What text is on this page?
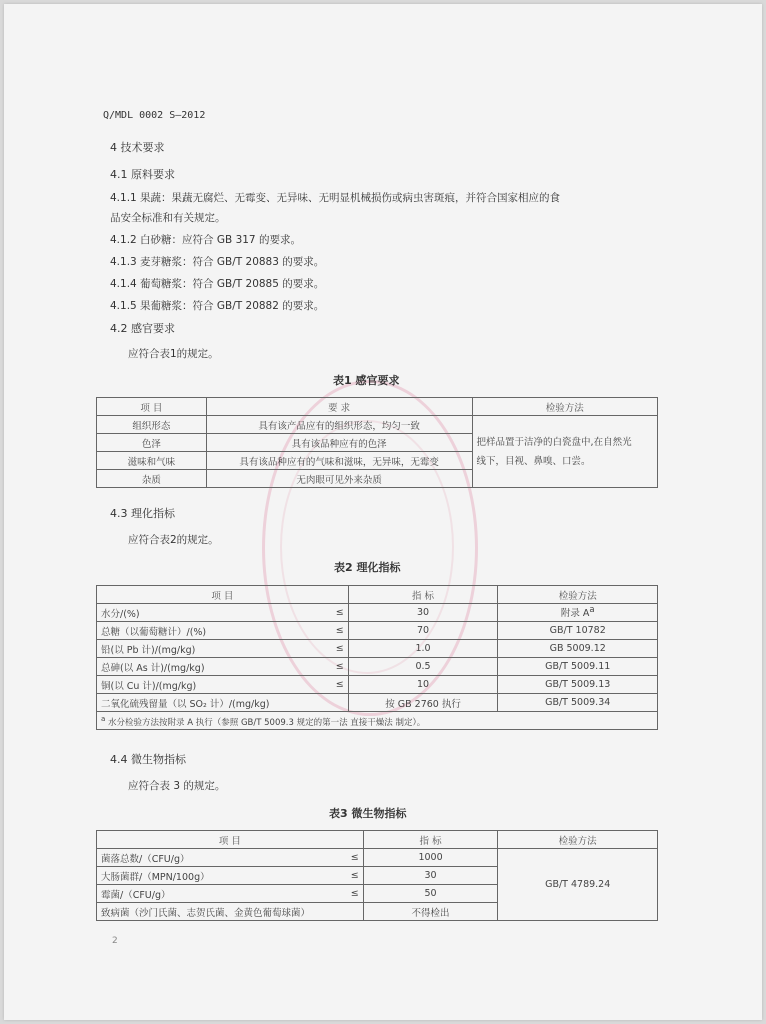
Q/MDL 0002 S—2012
4 技术要求
4.1 原料要求
4.1.1 果蔬：果蔬无腐烂、无霉变、无异味、无明显机械损伤或病虫害斑痕，并符合国家相应的食
品安全标准和有关规定。
4.1.2 白砂糖：应符合 GB 317 的要求。
4.1.3 麦芽糖浆：符合 GB/T 20883 的要求。
4.1.4 葡萄糖浆：符合 GB/T 20885 的要求。
4.1.5 果葡糖浆：符合 GB/T 20882 的要求。
4.2 感官要求
应符合表1的规定。
表1 感官要求
项 目	要 求	检验方法
组织形态	具有该产品应有的组织形态，均匀一致	把样品置于洁净的白瓷盘中,在自然光
线下，目视、鼻嗅、口尝。

色泽	具有该品种应有的色泽	
滋味和气味	具有该品种应有的气味和滋味，无异味，无霉变	
杂质	无肉眼可见外来杂质	
4.3 理化指标
应符合表2的规定。
表2 理化指标
项 目		指 标	检验方法
水分/(%)	≤	30	附录 $A^a$
总糖（以葡萄糖计）/(%)	≤	70	GB/T 10782
铅(以 Pb 计)/(mg/kg)	≤	1.0	GB 5009.12
总砷(以 As 计)/(mg/kg)	≤	0.5	GB/T 5009.11
铜(以 Cu 计)/(mg/kg)	≤	10	GB/T 5009.13
二氧化硫残留量（以 SO₂ 计）/(mg/kg)		按 GB 2760 执行	GB/T 5009.34
$^a$ 水分检验方法按附录 A 执行（参照 GB/T 5009.3 规定的第一法 直接干燥法 制定）。			
4.4 微生物指标
应符合表 3 的规定。
表3 微生物指标
项 目		指 标	检验方法
菌落总数/（CFU/g）	≤	1000	GB/T 4789.24
大肠菌群/（MPN/100g）	≤	30	
霉菌/（CFU/g）	≤	50	
致病菌（沙门氏菌、志贺氏菌、金黄色葡萄球菌）		不得检出	
2
